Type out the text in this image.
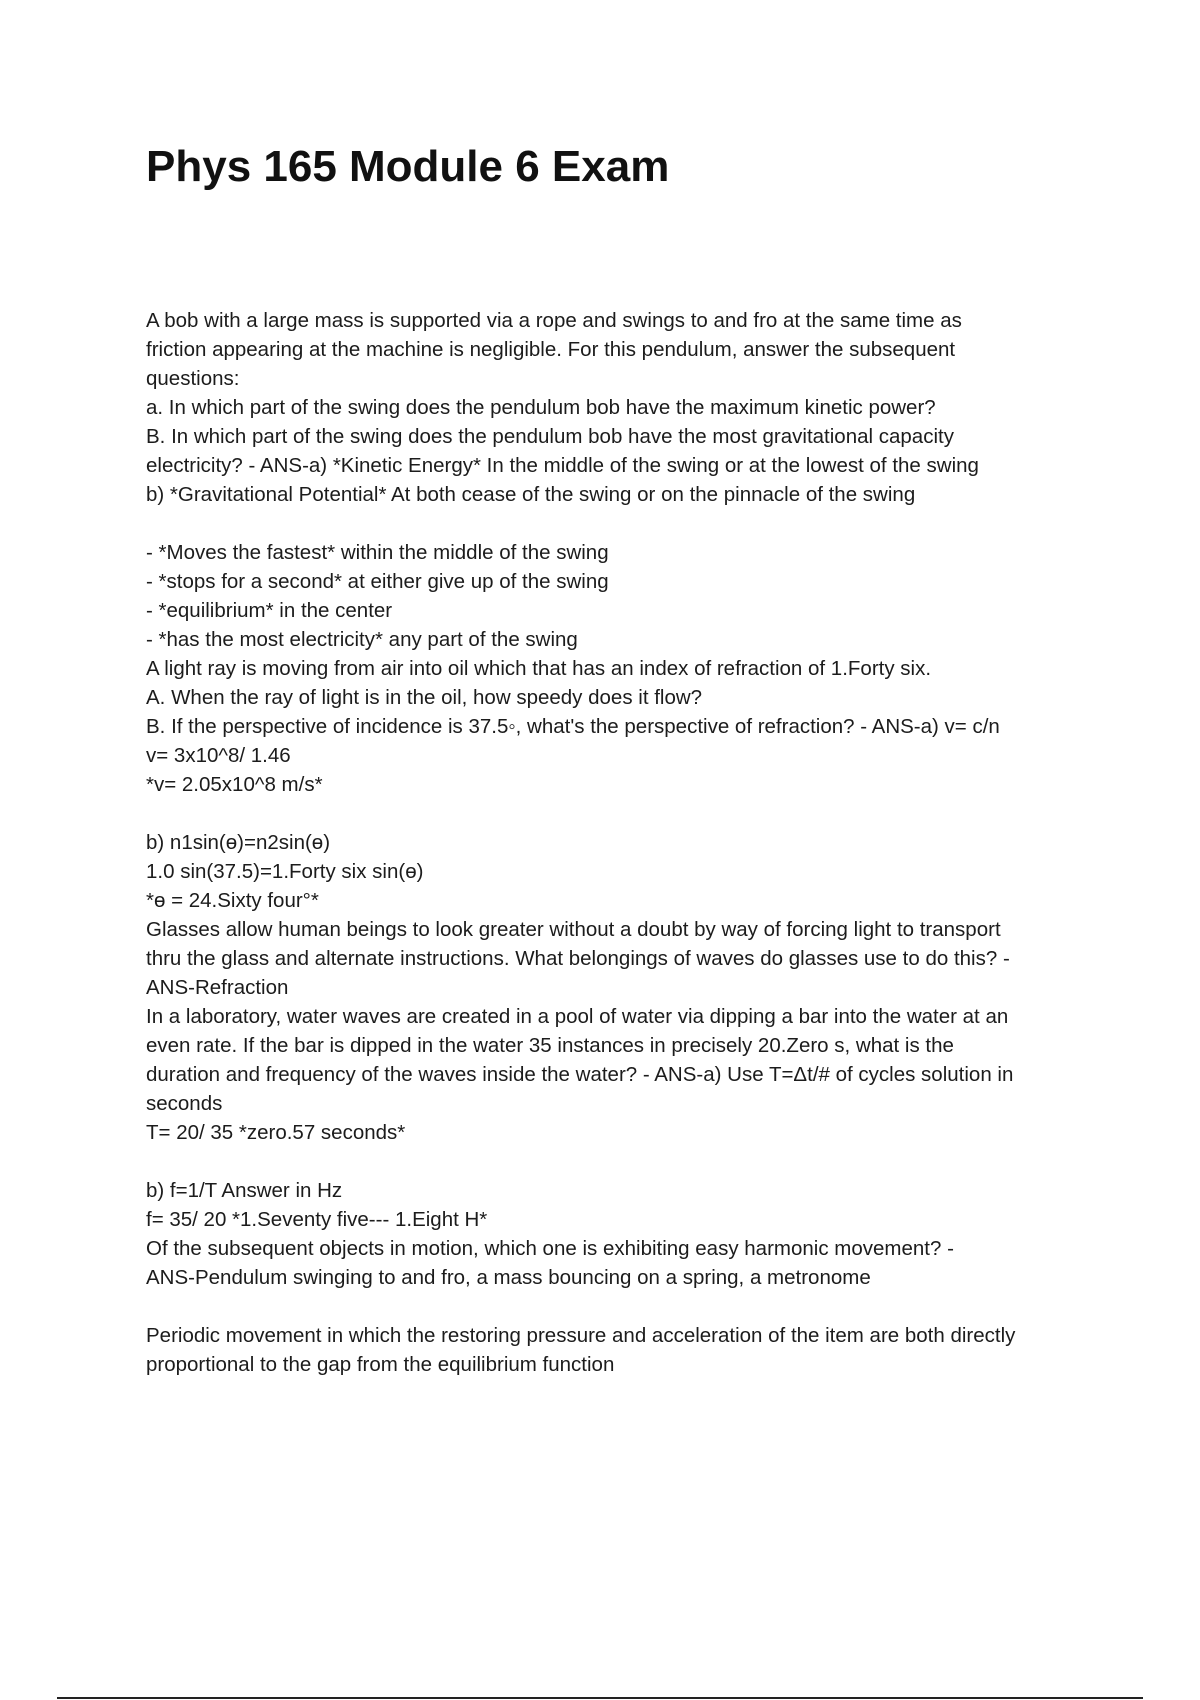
Phys 165 Module 6 Exam
A bob with a large mass is supported via a rope and swings to and fro at the same time as
friction appearing at the machine is negligible. For this pendulum, answer the subsequent
questions:
a. In which part of the swing does the pendulum bob have the maximum kinetic power?
B. In which part of the swing does the pendulum bob have the most gravitational capacity
electricity? - ANS-a) *Kinetic Energy* In the middle of the swing or at the lowest of the swing
b) *Gravitational Potential* At both cease of the swing or on the pinnacle of the swing
- *Moves the fastest* within the middle of the swing
- *stops for a second* at either give up of the swing
- *equilibrium* in the center
- *has the most electricity* any part of the swing
A light ray is moving from air into oil which that has an index of refraction of 1.Forty six.
A. When the ray of light is in the oil, how speedy does it flow?
B. If the perspective of incidence is 37.5◦, what's the perspective of refraction? - ANS-a) v= c/n
v= 3x10^8/ 1.46
*v= 2.05x10^8 m/s*
b) n1sin(ɵ)=n2sin(ɵ)
1.0 sin(37.5)=1.Forty six sin(ɵ)
*ɵ = 24.Sixty four°*
Glasses allow human beings to look greater without a doubt by way of forcing light to transport
thru the glass and alternate instructions. What belongings of waves do glasses use to do this? -
ANS-Refraction
In a laboratory, water waves are created in a pool of water via dipping a bar into the water at an
even rate. If the bar is dipped in the water 35 instances in precisely 20.Zero s, what is the
duration and frequency of the waves inside the water? - ANS-a) Use T=Δt/# of cycles solution in
seconds
T= 20/ 35 *zero.57 seconds*
b) f=1/T Answer in Hz
f= 35/ 20 *1.Seventy five--- 1.Eight H*
Of the subsequent objects in motion, which one is exhibiting easy harmonic movement? -
ANS-Pendulum swinging to and fro, a mass bouncing on a spring, a metronome
Periodic movement in which the restoring pressure and acceleration of the item are both directly
proportional to the gap from the equilibrium function
